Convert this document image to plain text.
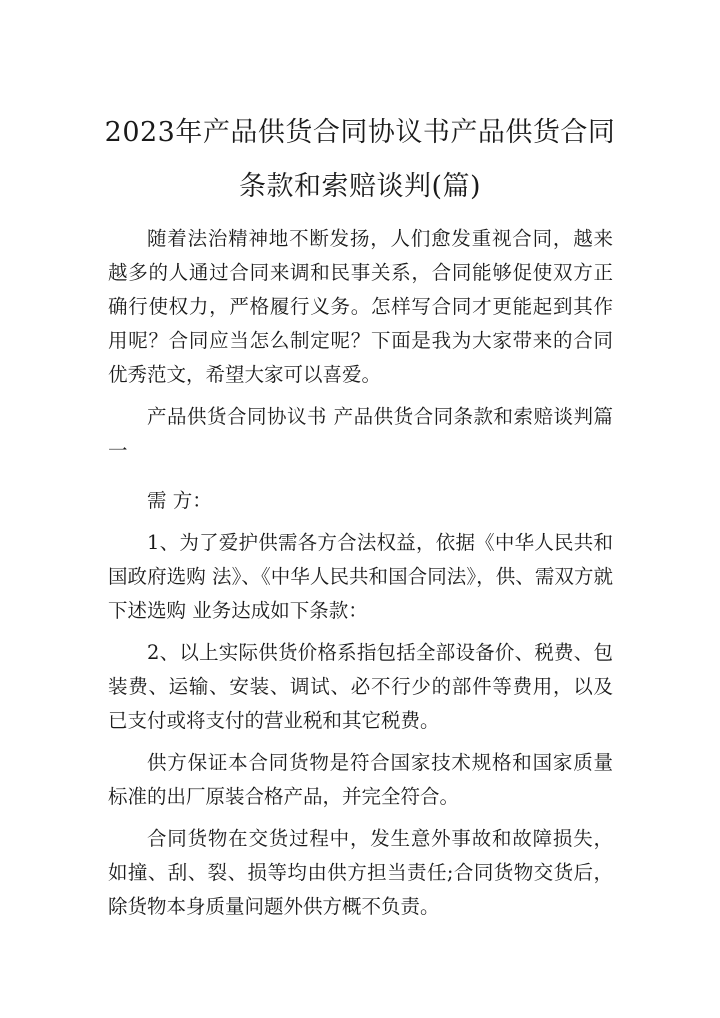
2023年产品供货合同协议书产品供货合同
条款和索赔谈判(篇)

随着法治精神地不断发扬，人们愈发重视合同，越来越多的人通过合同来调和民事关系，合同能够促使双方正确行使权力，严格履行义务。怎样写合同才更能起到其作用呢？合同应当怎么制定呢？下面是我为大家带来的合同优秀范文，希望大家可以喜爱。

产品供货合同协议书 产品供货合同条款和索赔谈判篇一

需 方：

1、为了爱护供需各方合法权益，依据《中华人民共和国政府选购 法》、《中华人民共和国合同法》，供、需双方就下述选购 业务达成如下条款：

2、以上实际供货价格系指包括全部设备价、税费、包装费、运输、安装、调试、必不行少的部件等费用，以及已支付或将支付的营业税和其它税费。

供方保证本合同货物是符合国家技术规格和国家质量标准的出厂原装合格产品，并完全符合。

合同货物在交货过程中，发生意外事故和故障损失，如撞、刮、裂、损等均由供方担当责任;合同货物交货后，除货物本身质量问题外供方概不负责。
